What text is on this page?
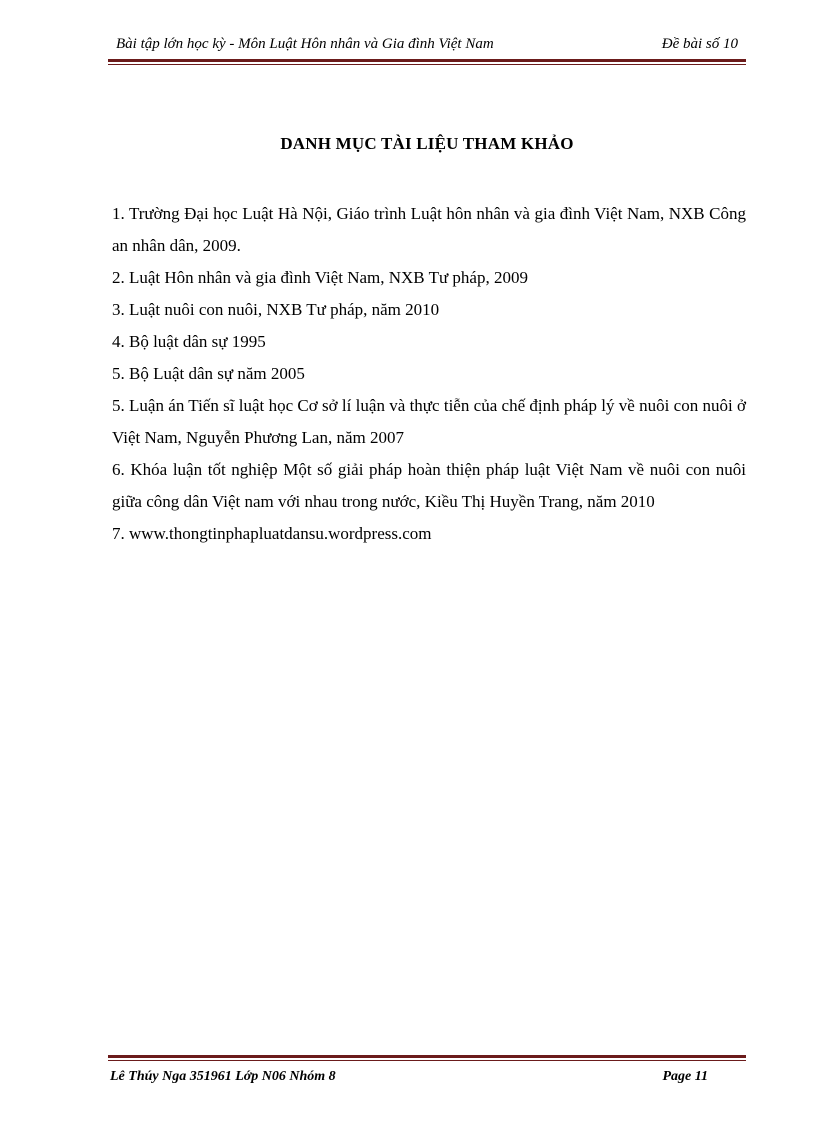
Bài tập lớn học kỳ - Môn Luật Hôn nhân và Gia đình Việt Nam	Đề bài số 10
DANH MỤC TÀI LIỆU THAM KHẢO
1. Trường Đại học Luật Hà Nội, Giáo trình Luật hôn nhân và gia đình Việt Nam, NXB Công an nhân dân, 2009.
2. Luật Hôn nhân và gia đình Việt Nam, NXB Tư pháp, 2009
3. Luật nuôi con nuôi, NXB Tư pháp, năm 2010
4. Bộ luật dân sự 1995
5. Bộ Luật dân sự năm 2005
5. Luận án Tiến sĩ luật học Cơ sở lí luận và thực tiễn của chế định pháp lý về nuôi con nuôi ở Việt Nam, Nguyễn Phương Lan, năm 2007
6. Khóa luận tốt nghiệp Một số giải pháp hoàn thiện pháp luật Việt Nam về nuôi con nuôi giữa công dân Việt nam với nhau trong nước, Kiều Thị Huyền Trang, năm 2010
7. www.thongtinphapluatdansu.wordpress.com
Lê Thúy Nga 351961 Lớp N06 Nhóm 8	Page 11
